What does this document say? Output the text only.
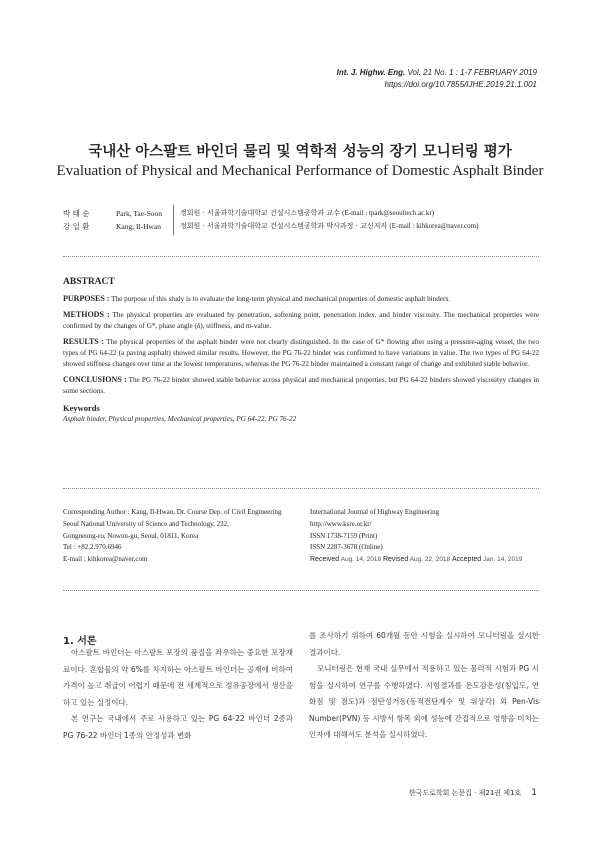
Int. J. Highw. Eng. Vol. 21 No. 1 : 1-7 FEBRUARY 2019
https://doi.org/10.7855/IJHE.2019.21.1.001
국내산 아스팔트 바인더 물리 및 역학적 성능의 장기 모니터링 평가
Evaluation of Physical and Mechanical Performance of Domestic Asphalt Binder
박 태 순	Park, Tae-Soon	정회원 · 서울과학기술대학교 건설시스템공학과 교수 (E-mail : tpark@seoultech.ac.kr)
강 일 환	Kang, Il-Hwan	정회원 · 서울과학기술대학교 건설시스템공학과 박사과정 · 교신저자 (E-mail : kihkorea@naver.com)
ABSTRACT

PURPOSES : The purpose of this study is to evaluate the long-term physical and mechanical properties of domestic asphalt binders.

METHODS : The physical properties are evaluated by penetration, softening point, penetration index, and binder viscosity. The mechanical properties were confirmed by the changes of G*, phase angle (δ), stiffness, and m-value.

RESULTS : The physical properties of the asphalt binder were not clearly distinguished. In the case of G* flowing after using a pressure-aging vessel, the two types of PG 64-22 (a paving asphalt) showed similar results. However, the PG 76-22 binder was confirmed to have variations in value. The two types of PG 64-22 showed stiffness changes over time at the lowest temperatures, whereas the PG 76-22 binder maintained a constant range of change and exhibited stable behavior.

CONCLUSIONS : The PG 76-22 binder showed stable behavior across physical and mechanical properties, but PG 64-22 binders showed viscosityy changes in some sections.

Keywords
Asphalt binder, Physical properties, Mechanical properties, PG 64-22, PG 76-22
Corresponding Author : Kang, Il-Hwan, Dr. Course Dep. of Civil Engineering
Seoul National University of Science and Technology, 232,
Gongneung-ro, Nowon-gu, Seoul, 01811, Korea
Tel : +82.2.970.6946
E-mail : kihkorea@naver.com
International Journal of Highway Engineering
http://www.ksre.or.kr/
ISSN 1738-7159 (Print)
ISSN 2287-3678 (Online)
Received Aug. 14, 2018 Revised Aug. 22, 2018 Accepted Jan. 14, 2019
1. 서론

아스팔트 바인더는 아스팔트 포장의 품질을 좌우하는 중요한 포장재료이다. 혼합물의 약 6%를 차지하는 아스팔트 바인더는 골재에 비하여 가격이 높고 취급이 어렵기 때문에 전 세계적으로 정유공장에서 생산을 하고 있는 실정이다.

본 연구는 국내에서 주로 사용하고 있는 PG 64-22 바인더 2종과 PG 76-22 바인더 1종의 안정성과 변화

를 조사하기 위하여 60개월 동안 시험을 실시하여 모니터링을 실시한 결과이다.

모니터링은 현재 국내 실무에서 적용하고 있는 물리적 시험과 PG 시험을 실시하여 연구를 수행하였다. 시험결과를 온도감온성(침입도, 연화점 및 점도)과 점탄성거동(동적전단계수 및 위상각) 외 Pen-Vis Number(PVN) 등 시방서 항목 외에 성능에 간접적으로 영향을 미치는 인자에 대해서도 분석을 실시하였다.

한국도로학회 논문집 · 제21권 제1호 1
